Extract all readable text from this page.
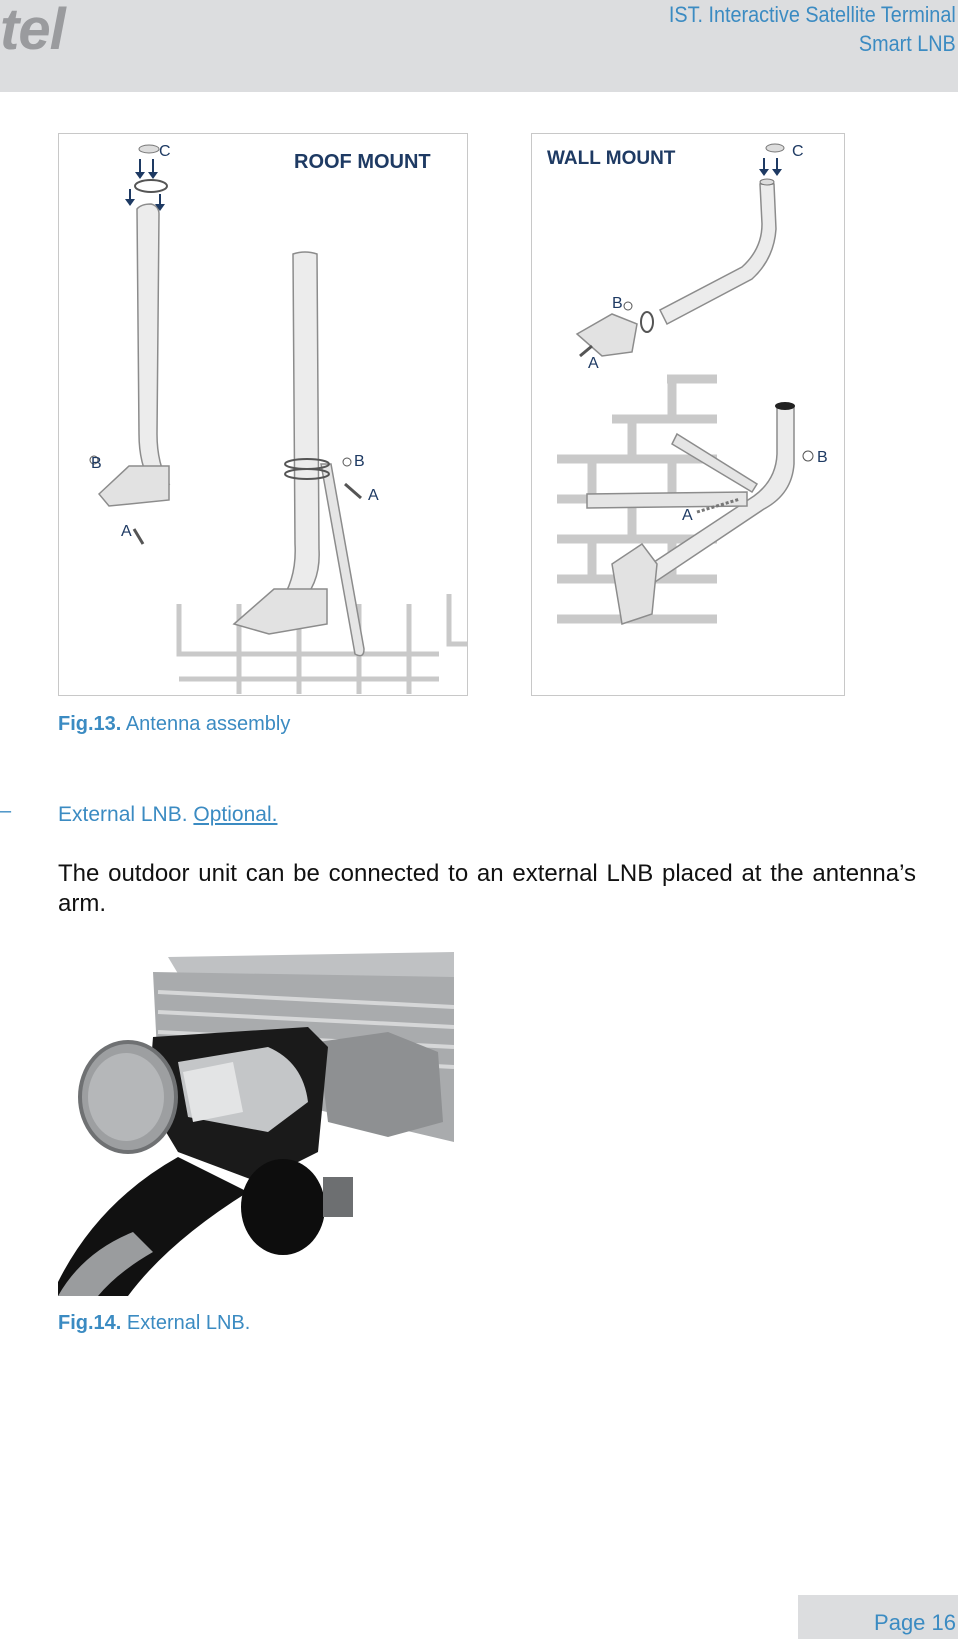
tel	IST. Interactive Satellite Terminal
Smart LNB
C
B
A
B
A
ROOF MOUNT	WALL MOUNT	C
B
A
B
A
Fig.13. Antenna assembly
– External LNB. Optional.
The outdoor unit can be connected to an external LNB placed at the antenna’s arm.
Fig.14. External LNB.
Page 16
